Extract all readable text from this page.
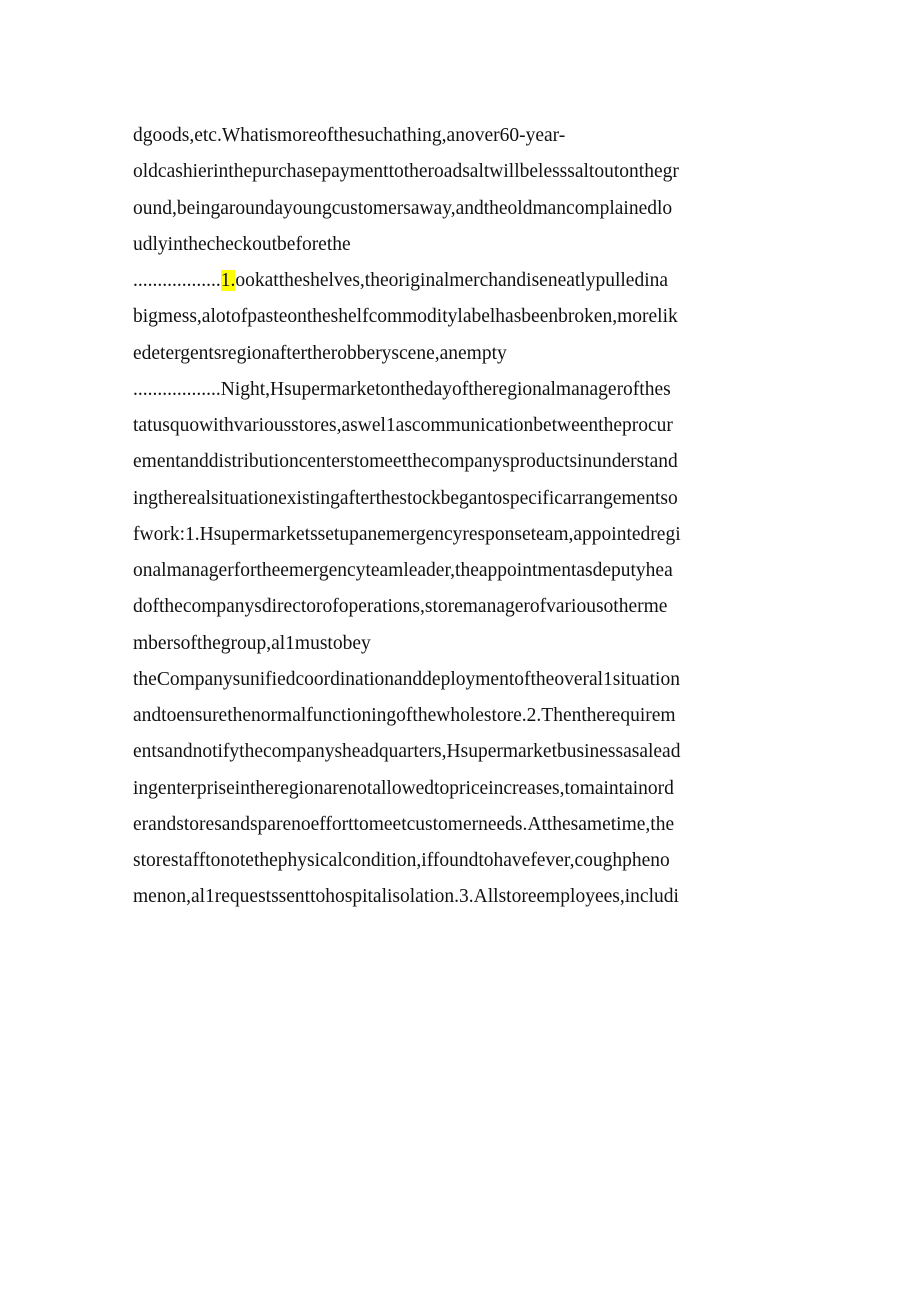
dgoods,etc.Whatismoreofthesuchathing,anover60-year-
oldcashierinthepurchasepaymenttotheroadsaltwillbelesssaltoutonthegr
ound,beingaroundayoungcustomersaway,andtheoldmancomplainedlo
udlyinthecheckoutbeforethe
..................1.ookattheshelves,theoriginalmerchandiseneatlypulledina
bigmess,alotofpasteontheshelfcommoditylabelhasbeenbroken,morelik
edetergentsregionaftertherobberyscene,anempty
..................Night,Hsupermarketonthedayoftheregionalmanagerofthes
tatusquowithvariousstores,aswel1ascommunicationbetweentheprocur
ementanddistributioncenterstomeetthecompanysproductsinunderstand
ingtherealsituationexistingafterthestockbegantospecificarrangementso
fwork:1.Hsupermarketssetupanemergencyresponseteam,appointedregi
onalmanagerfortheemergencyteamleader,theappointmentasdeputyhea
dofthecompanysdirectorofoperations,storemanagerofvariousotherme
mbersofthegroup,al1mustobey
theCompanysunifiedcoordinationanddeploymentoftheoveral1situation
andtoensurethenormalfunctioningofthewholestore.2.Thentherequirem
entsandnotifythecompanysheadquarters,Hsupermarketbusinessasalead
ingenterpriseintheregionarenotallowedtopriceincreases,tomaintainord
erandstoresandsparenoefforttomeetcustomerneeds.Atthesametime,the
storestafftonotethephysicalcondition,iffoundtohavefever,coughpheno
menon,al1requestssenttohospitalisolation.3.Allstoreemployees,includi
